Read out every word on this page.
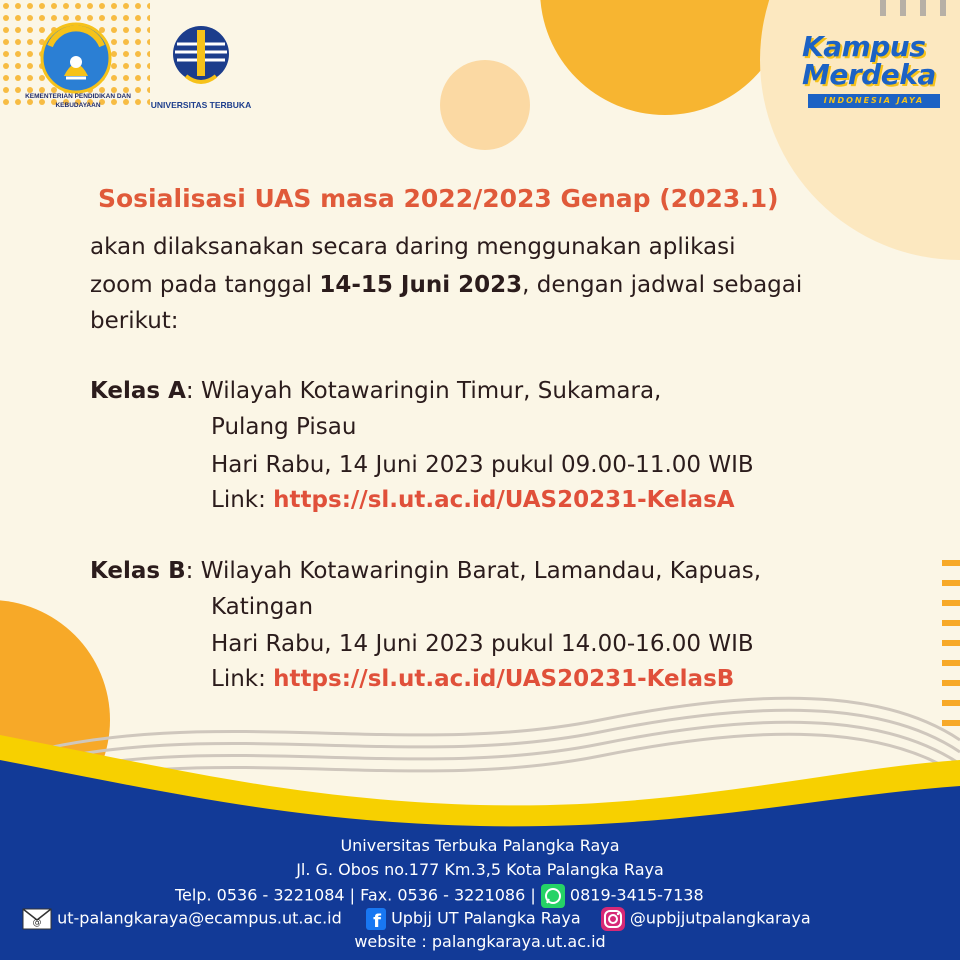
KEMENTERIAN PENDIDIKAN DAN KEBUDAYAAN	UNIVERSITAS TERBUKA
Kampus
Merdeka
INDONESIA JAYA
Sosialisasi UAS masa 2022/2023 Genap (2023.1)
akan dilaksanakan secara daring menggunakan aplikasi
zoom pada tanggal 14-15 Juni 2023, dengan jadwal sebagai
berikut:
Kelas A: Wilayah Kotawaringin Timur, Sukamara,
Pulang Pisau
Hari Rabu, 14 Juni 2023 pukul 09.00-11.00 WIB
Link: https://sl.ut.ac.id/UAS20231-KelasA
Kelas B: Wilayah Kotawaringin Barat, Lamandau, Kapuas,
Katingan
Hari Rabu, 14 Juni 2023 pukul 14.00-16.00 WIB
Link: https://sl.ut.ac.id/UAS20231-KelasB
Universitas Terbuka Palangka Raya
Jl. G. Obos no.177 Km.3,5 Kota Palangka Raya
Telp. 0536 - 3221084 | Fax. 0536 - 3221086 | 0819-3415-7138
@ ut-palangkaraya@ecampus.ut.ac.id f Upbjj UT Palangka Raya	@upbjjutpalangkaraya
website : palangkaraya.ut.ac.id
